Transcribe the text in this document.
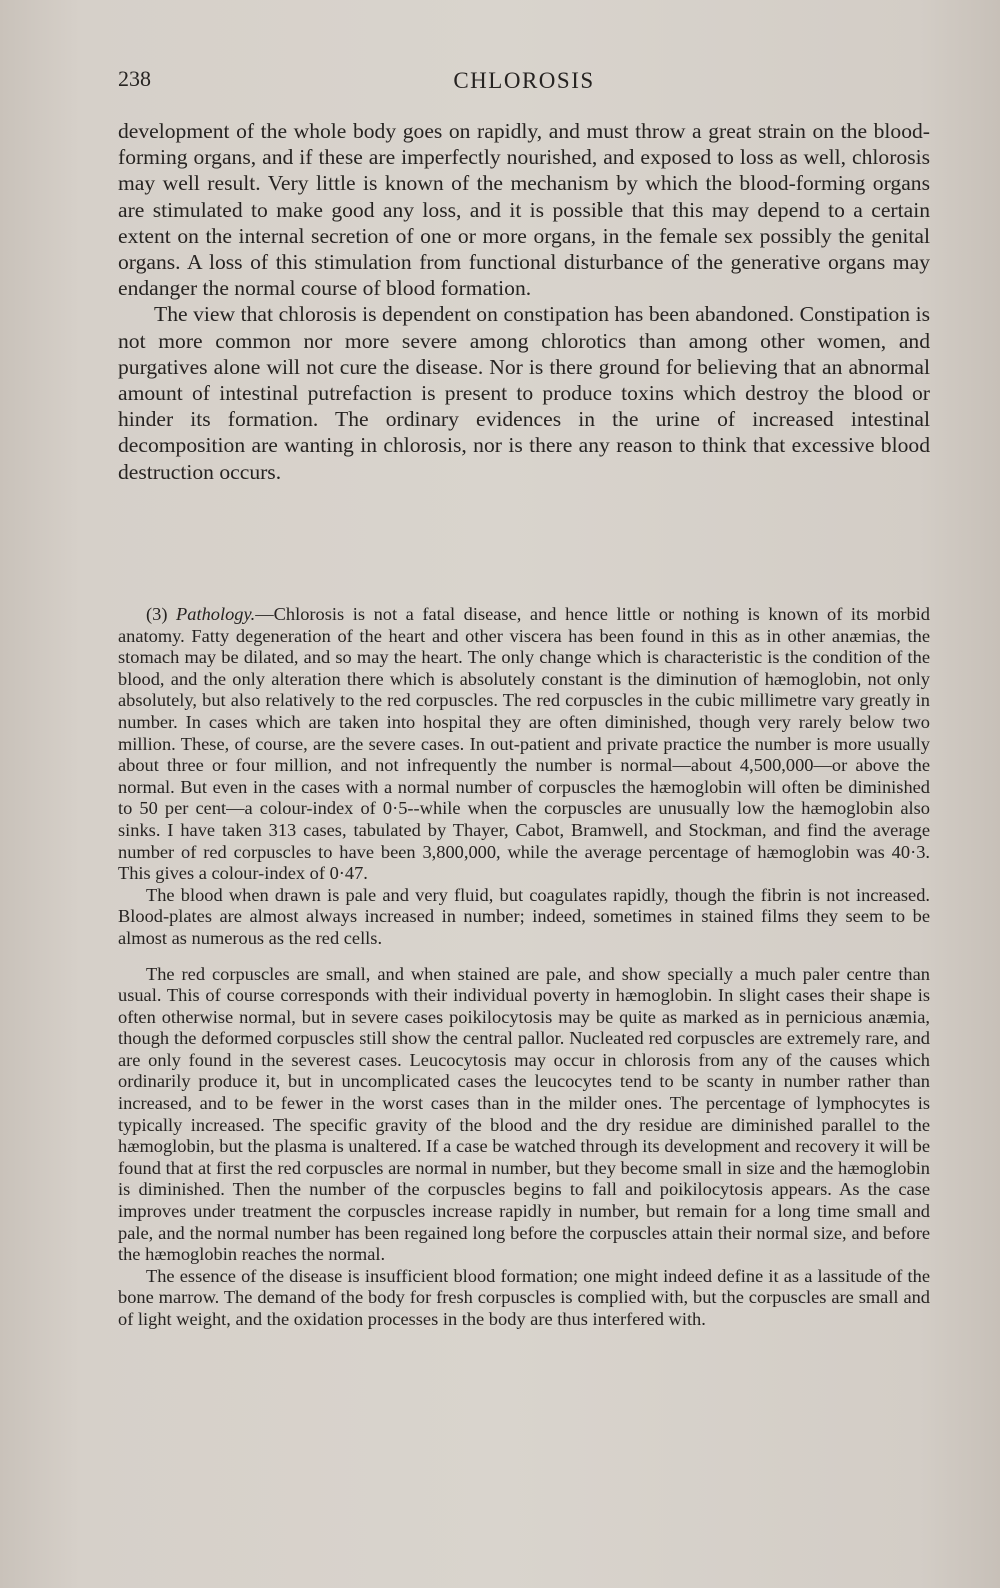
238	CHLOROSIS

development of the whole body goes on rapidly, and must throw a great strain on the blood-forming organs, and if these are imperfectly nourished, and exposed to loss as well, chlorosis may well result. Very little is known of the mechanism by which the blood-forming organs are stimulated to make good any loss, and it is possible that this may depend to a certain extent on the internal secretion of one or more organs, in the female sex possibly the genital organs. A loss of this stimulation from functional disturbance of the generative organs may endanger the normal course of blood formation.

The view that chlorosis is dependent on constipation has been abandoned. Constipation is not more common nor more severe among chlorotics than among other women, and purgatives alone will not cure the disease. Nor is there ground for believing that an abnormal amount of intestinal putrefaction is present to produce toxins which destroy the blood or hinder its formation. The ordinary evidences in the urine of increased intestinal decomposition are wanting in chlorosis, nor is there any reason to think that excessive blood destruction occurs.

(3) Pathology.—Chlorosis is not a fatal disease, and hence little or nothing is known of its morbid anatomy. Fatty degeneration of the heart and other viscera has been found in this as in other anæmias, the stomach may be dilated, and so may the heart. The only change which is characteristic is the condition of the blood, and the only alteration there which is absolutely constant is the diminution of hæmoglobin, not only absolutely, but also relatively to the red corpuscles. The red corpuscles in the cubic millimetre vary greatly in number. In cases which are taken into hospital they are often diminished, though very rarely below two million. These, of course, are the severe cases. In out-patient and private practice the number is more usually about three or four million, and not infrequently the number is normal—about 4,500,000—or above the normal. But even in the cases with a normal number of corpuscles the hæmoglobin will often be diminished to 50 per cent—a colour-index of 0·5--while when the corpuscles are unusually low the hæmoglobin also sinks. I have taken 313 cases, tabulated by Thayer, Cabot, Bramwell, and Stockman, and find the average number of red corpuscles to have been 3,800,000, while the average percentage of hæmoglobin was 40·3. This gives a colour-index of 0·47.

The blood when drawn is pale and very fluid, but coagulates rapidly, though the fibrin is not increased. Blood-plates are almost always increased in number; indeed, sometimes in stained films they seem to be almost as numerous as the red cells.

The red corpuscles are small, and when stained are pale, and show specially a much paler centre than usual. This of course corresponds with their individual poverty in hæmoglobin. In slight cases their shape is often otherwise normal, but in severe cases poikilocytosis may be quite as marked as in pernicious anæmia, though the deformed corpuscles still show the central pallor. Nucleated red corpuscles are extremely rare, and are only found in the severest cases. Leucocytosis may occur in chlorosis from any of the causes which ordinarily produce it, but in uncomplicated cases the leucocytes tend to be scanty in number rather than increased, and to be fewer in the worst cases than in the milder ones. The percentage of lymphocytes is typically increased. The specific gravity of the blood and the dry residue are diminished parallel to the hæmoglobin, but the plasma is unaltered. If a case be watched through its development and recovery it will be found that at first the red corpuscles are normal in number, but they become small in size and the hæmoglobin is diminished. Then the number of the corpuscles begins to fall and poikilocytosis appears. As the case improves under treatment the corpuscles increase rapidly in number, but remain for a long time small and pale, and the normal number has been regained long before the corpuscles attain their normal size, and before the hæmoglobin reaches the normal.

The essence of the disease is insufficient blood formation; one might indeed define it as a lassitude of the bone marrow. The demand of the body for fresh corpuscles is complied with, but the corpuscles are small and of light weight, and the oxidation processes in the body are thus interfered with.
